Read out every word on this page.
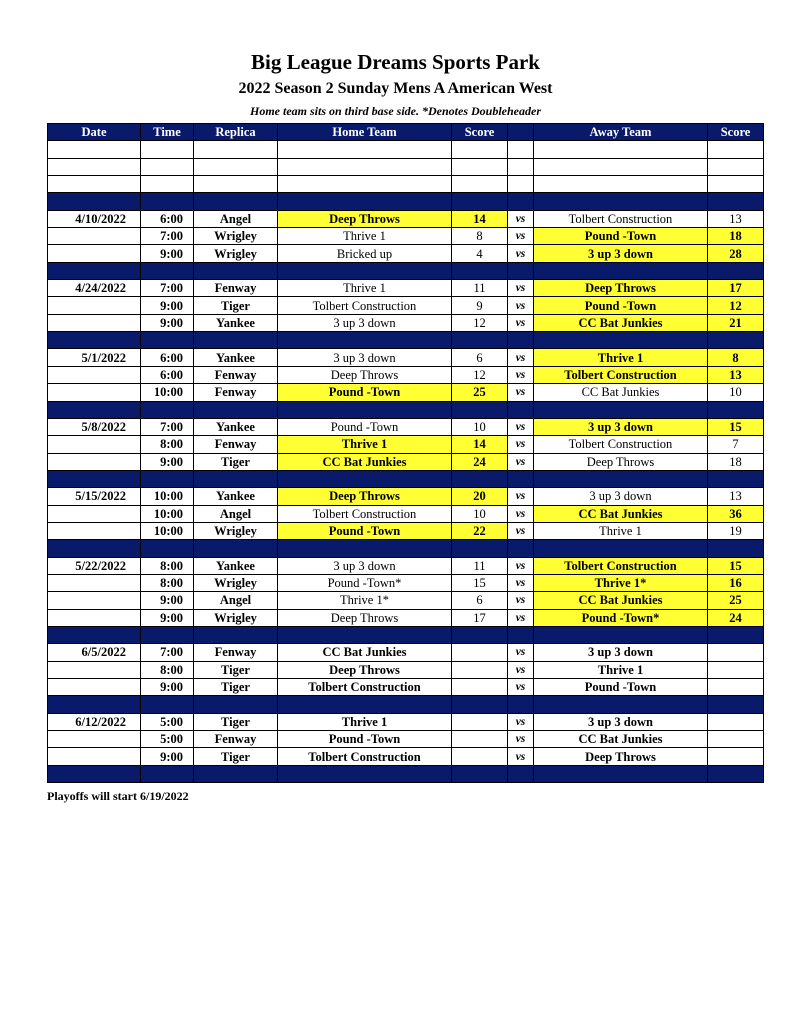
Big League Dreams Sports Park
2022 Season 2 Sunday Mens A American West
Home team sits on third base side. *Denotes Doubleheader
Date	Time	Replica	Home Team	Score		Away Team	Score

4/10/2022	6:00	Angel	Deep Throws	14	vs	Tolbert Construction	13
	7:00	Wrigley	Thrive 1	8	vs	Pound -Town	18
	9:00	Wrigley	Bricked up	4	vs	3 up 3 down	28

4/24/2022	7:00	Fenway	Thrive 1	11	vs	Deep Throws	17
	9:00	Tiger	Tolbert Construction	9	vs	Pound -Town	12
	9:00	Yankee	3 up 3 down	12	vs	CC Bat Junkies	21

5/1/2022	6:00	Yankee	3 up 3 down	6	vs	Thrive 1	8
	6:00	Fenway	Deep Throws	12	vs	Tolbert Construction	13
	10:00	Fenway	Pound -Town	25	vs	CC Bat Junkies	10

5/8/2022	7:00	Yankee	Pound -Town	10	vs	3 up 3 down	15
	8:00	Fenway	Thrive 1	14	vs	Tolbert Construction	7
	9:00	Tiger	CC Bat Junkies	24	vs	Deep Throws	18

5/15/2022	10:00	Yankee	Deep Throws	20	vs	3 up 3 down	13
	10:00	Angel	Tolbert Construction	10	vs	CC Bat Junkies	36
	10:00	Wrigley	Pound -Town	22	vs	Thrive 1	19

5/22/2022	8:00	Yankee	3 up 3 down	11	vs	Tolbert Construction	15
	8:00	Wrigley	Pound -Town*	15	vs	Thrive 1*	16
	9:00	Angel	Thrive 1*	6	vs	CC Bat Junkies	25
	9:00	Wrigley	Deep Throws	17	vs	Pound -Town*	24

6/5/2022	7:00	Fenway	CC Bat Junkies		vs	3 up 3 down	
	8:00	Tiger	Deep Throws		vs	Thrive 1	
	9:00	Tiger	Tolbert Construction		vs	Pound -Town	

6/12/2022	5:00	Tiger	Thrive 1		vs	3 up 3 down	
	5:00	Fenway	Pound -Town		vs	CC Bat Junkies	
	9:00	Tiger	Tolbert Construction		vs	Deep Throws	

Playoffs will start 6/19/2022
